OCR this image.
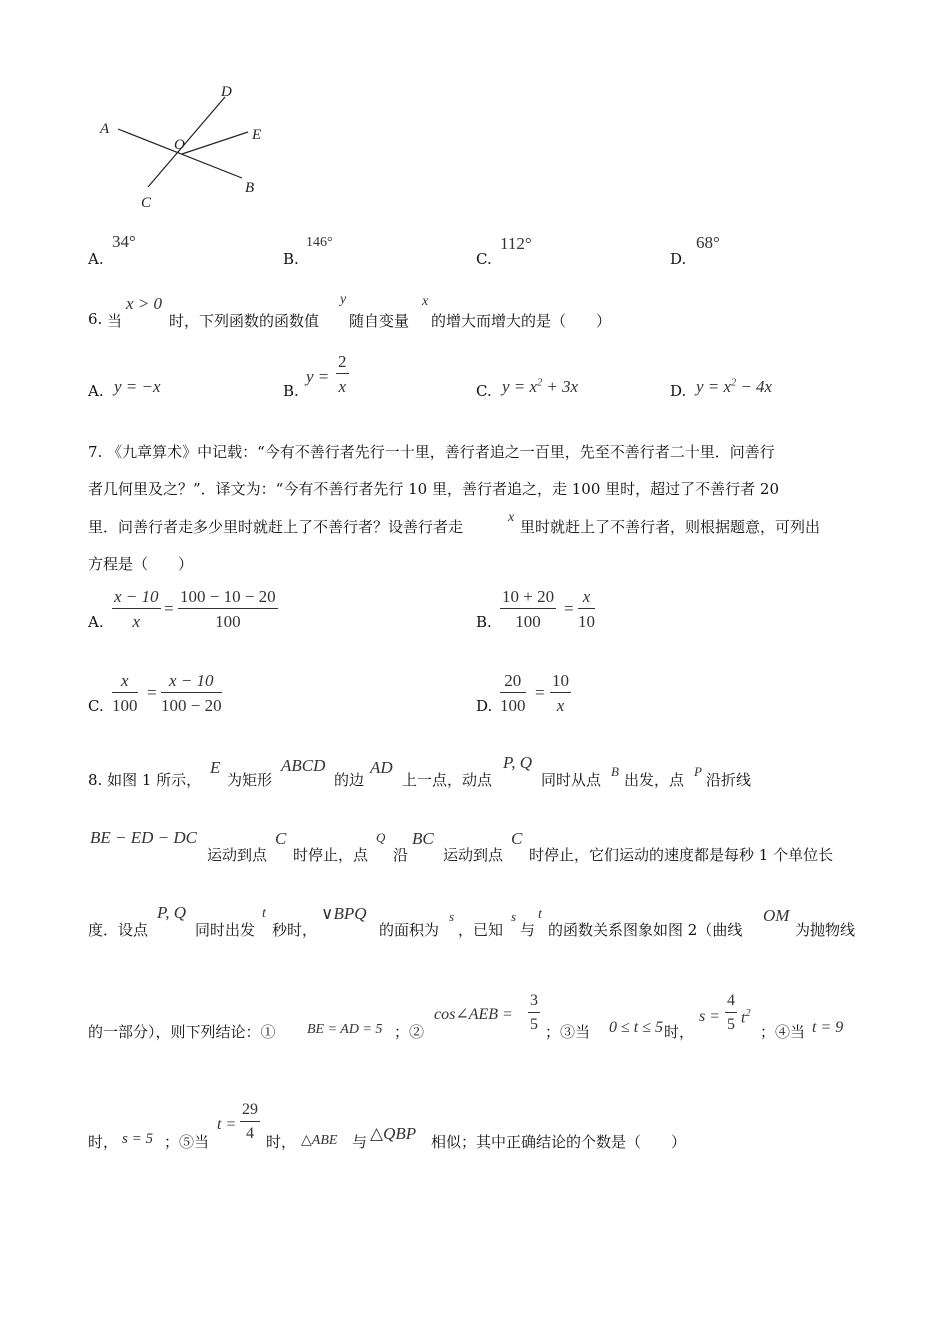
A
D
O
E
B
C
A.
34°
B.
146°
C.
112°
D.
68°
6. 当
x > 0
时，下列函数的函数值
y
随自变量
x
的增大而增大的是（　　）
A. y = −x	B.
y =
2
x	C. $y = x^2 + 3x$	D. $y = x^2 - 4x$
7. 《九章算术》中记载：“今有不善行者先行一十里，善行者追之一百里，先至不善行者二十里．问善行
者几何里及之？”．译文为：“今有不善行者先行 10 里，善行者追之，走 100 里时，超过了不善行者 20
里．问善行者走多少里时就赶上了不善行者？设善行者走
x
里时就赶上了不善行者，则根据题意，可列出
方程是（　　）
A.
x − 10
x
=
100 − 10 − 20
100	B.
10 + 20
100
=
x
10
C.
x
100
=
x − 10
100 − 20	D.
20
100
=
10
x
8. 如图 1 所示，
E
为矩形
ABCD
的边
AD
上一点，动点
P, Q
同时从点 B 出发，点 P 沿折线
BE − ED − DC
运动到点
C
时停止，点
Q
沿
BC
运动到点
C
时停止，它们运动的速度都是每秒 1 个单位长
度．设点
P, Q
同时出发
t
秒时，
∨BPQ
的面积为
s
，已知
s
与
t
的函数关系图象如图 2（曲线
OM
为抛物线
的一部分），则下列结论：① BE = AD = 5 ；②
cos∠AEB =
3
5 ；③当 0 ≤ t ≤ 5 时，
s =
4
5 $t^2$
；④当 t = 9
时， s = 5 ；⑤当
t =
29
4 时， △ABE 与 △QBP 相似；其中正确结论的个数是（　　）
